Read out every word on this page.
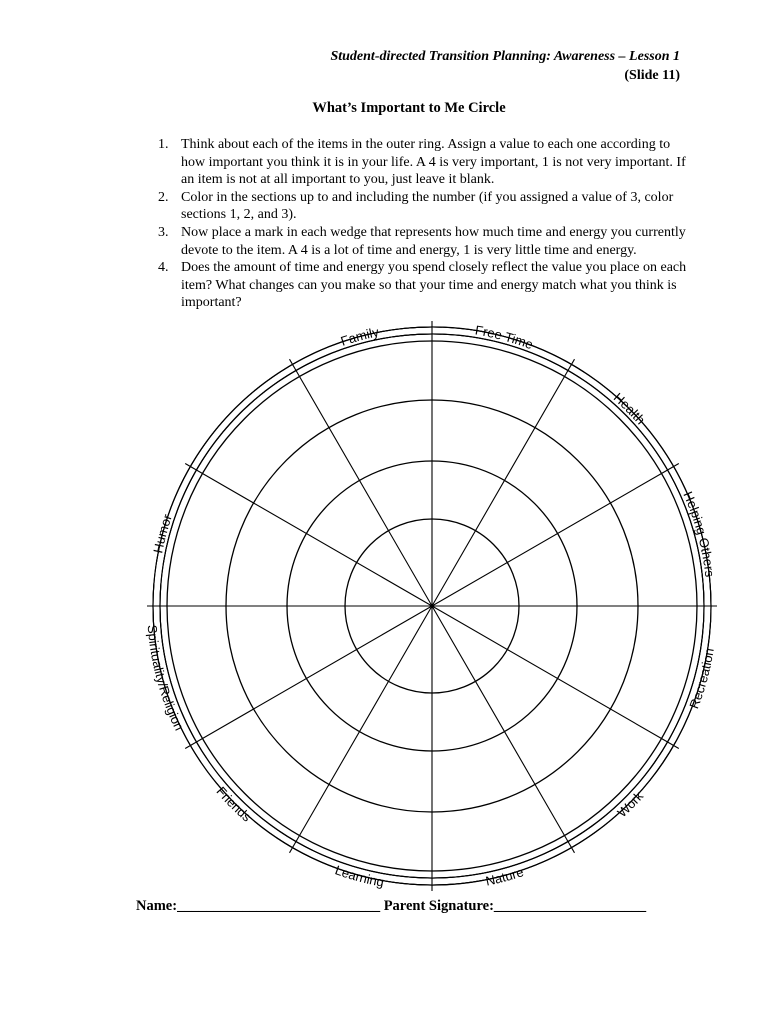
Student-directed Transition Planning: Awareness – Lesson 1
(Slide 11)
What’s Important to Me Circle
1. Think about each of the items in the outer ring. Assign a value to each one according to how important you think it is in your life. A 4 is very important, 1 is not very important. If an item is not at all important to you, just leave it blank.
2. Color in the sections up to and including the number (if you assigned a value of 3, color sections 1, 2, and 3).
3. Now place a mark in each wedge that represents how much time and energy you currently devote to the item. A 4 is a lot of time and energy, 1 is very little time and energy.
4. Does the amount of time and energy you spend closely reflect the value you place on each item? What changes can you make so that your time and energy match what you think is important?
Free Time
Health
Helping Others
Recreation
Work
Nature
Learning
Friends
Spirituality/Religion
Humor
Family
Name:____________________________ Parent Signature:_____________________
